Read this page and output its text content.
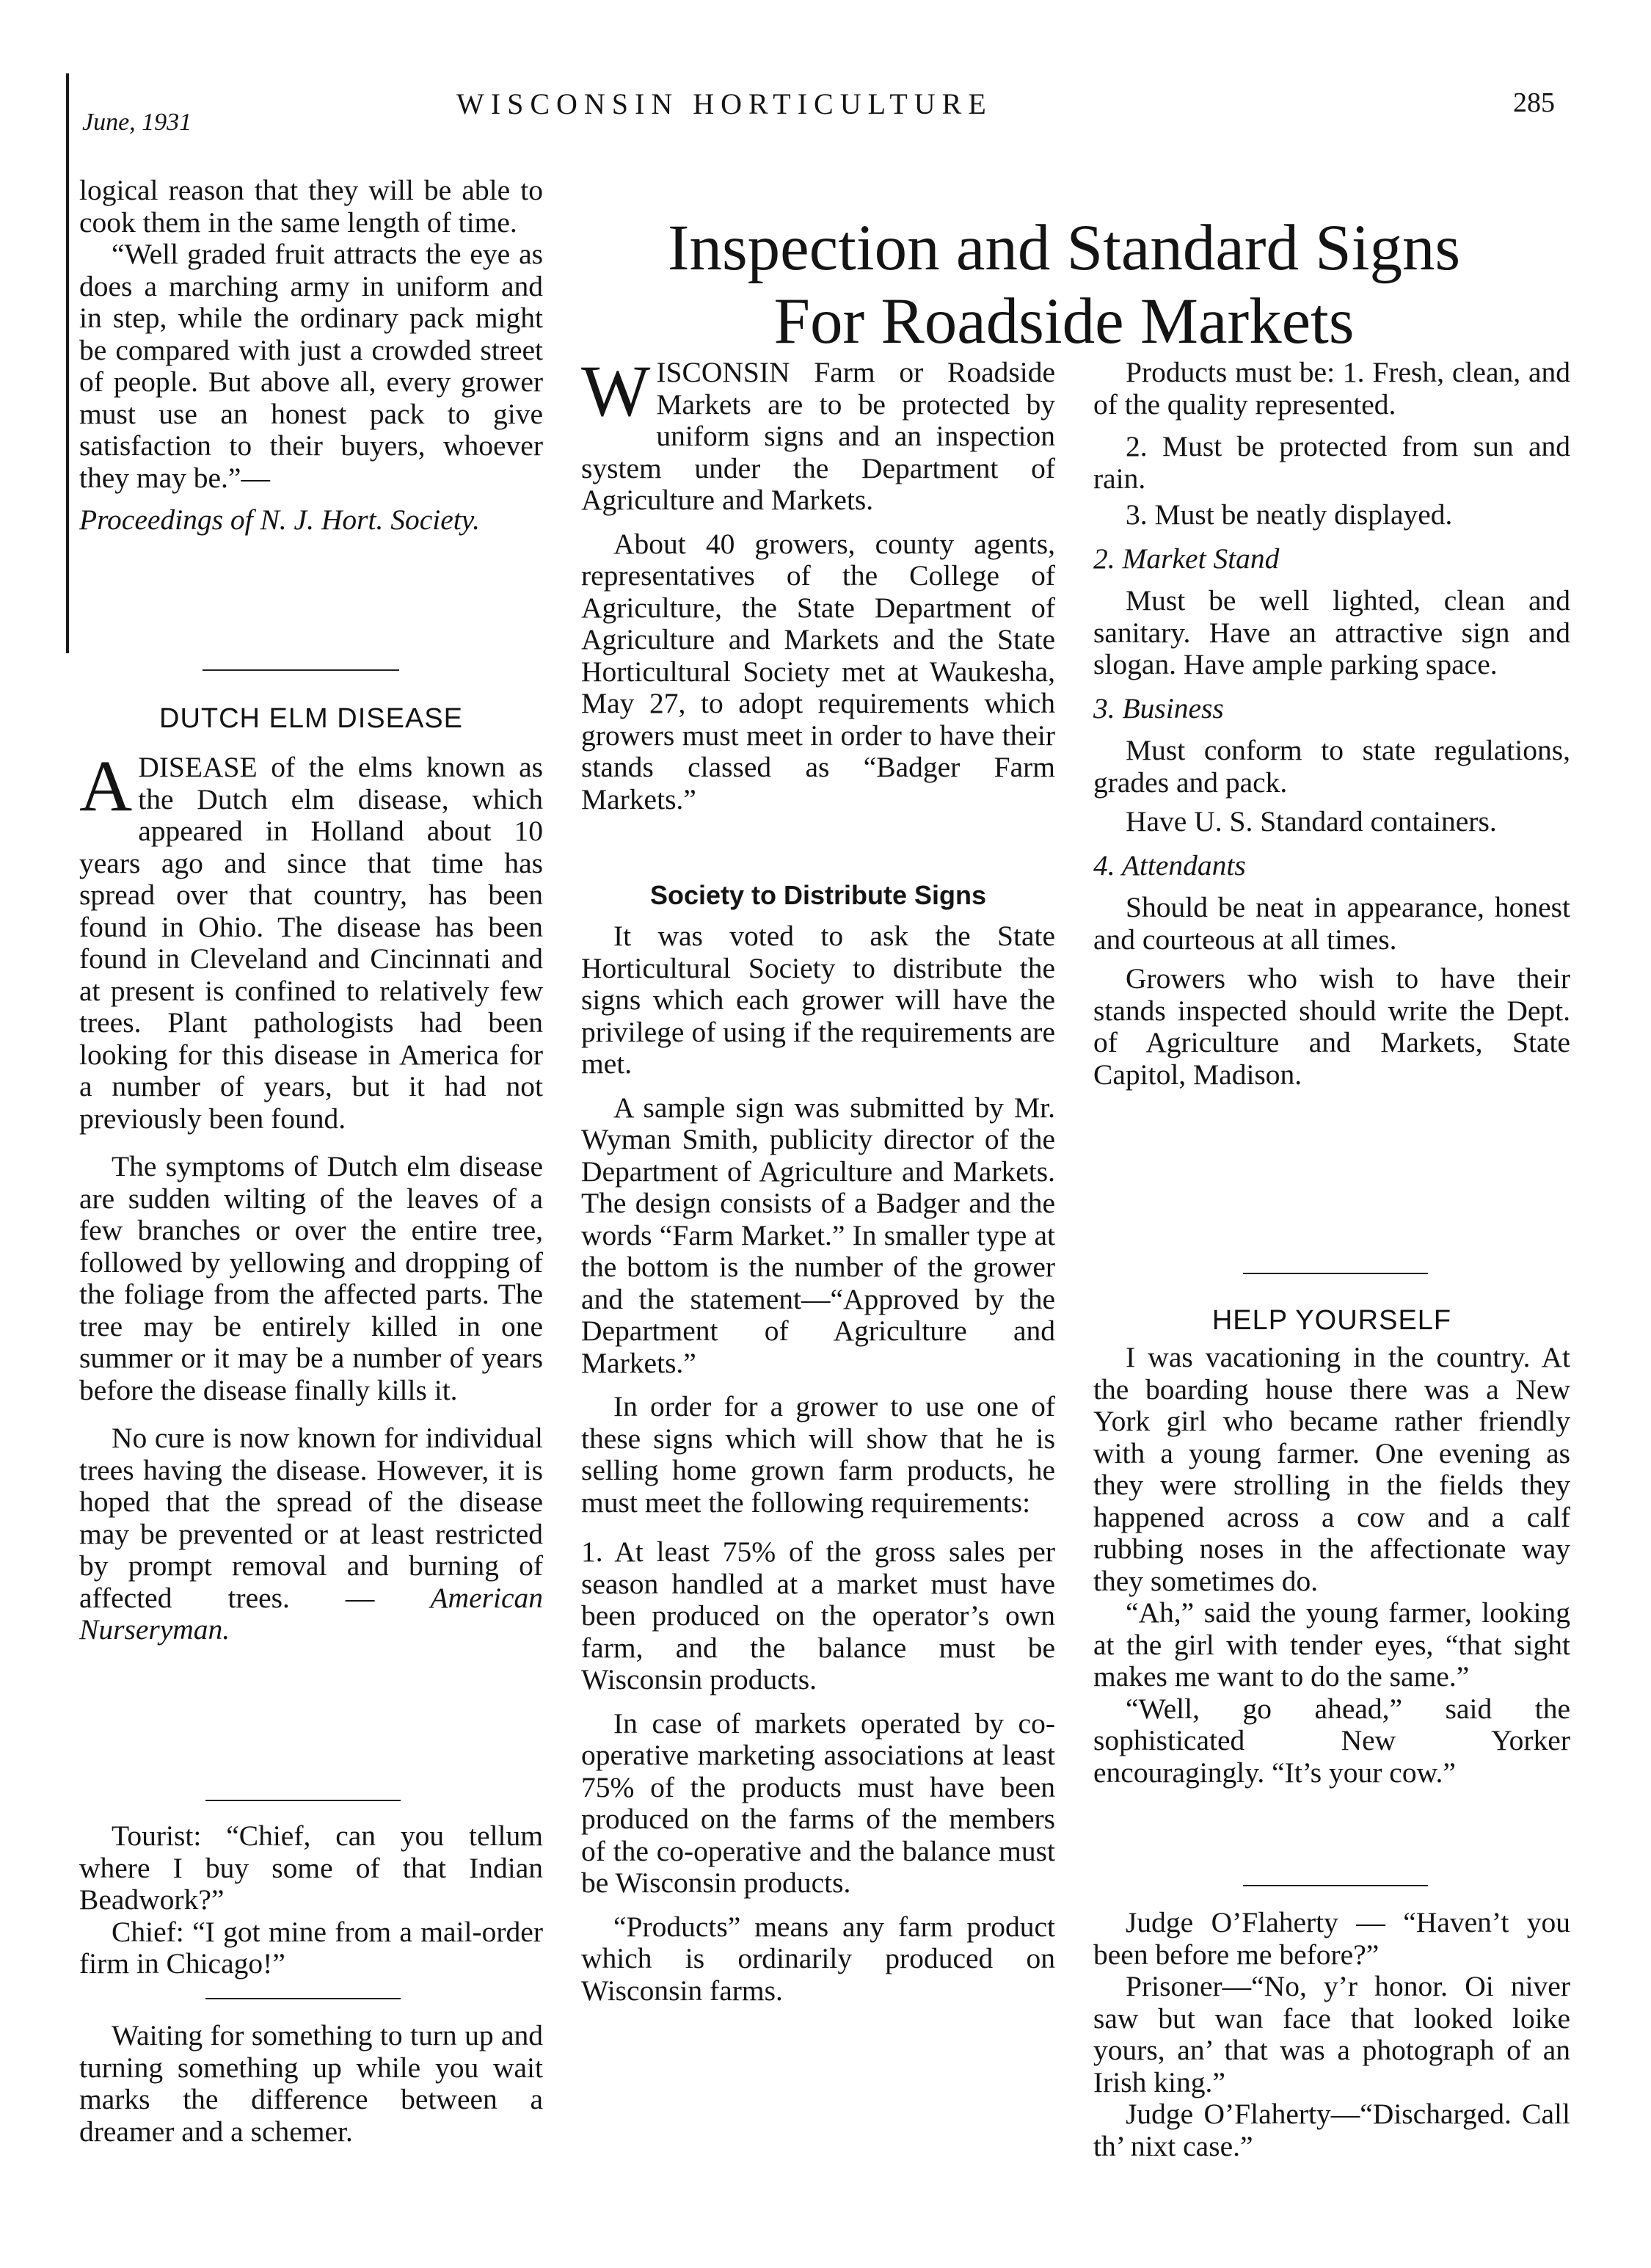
June, 1931
WISCONSIN HORTICULTURE	285
Inspection and Standard Signs
For Roadside Markets

logical reason that they will be able to cook them in the same length of time.

“Well graded fruit attracts the eye as does a marching army in uniform and in step, while the ordinary pack might be compared with just a crowded street of people. But above all, every grower must use an honest pack to give satisfaction to their buyers, whoever they may be.”—

Proceedings of N. J. Hort. Society.

DUTCH ELM DISEASE

ADISEASE of the elms known as the Dutch elm disease, which appeared in Holland about 10 years ago and since that time has spread over that country, has been found in Ohio. The disease has been found in Cleveland and Cincinnati and at present is confined to relatively few trees. Plant pathologists had been looking for this disease in America for a number of years, but it had not previously been found.

The symptoms of Dutch elm disease are sudden wilting of the leaves of a few branches or over the entire tree, followed by yellowing and dropping of the foliage from the affected parts. The tree may be entirely killed in one summer or it may be a number of years before the disease finally kills it.

No cure is now known for individual trees having the disease. However, it is hoped that the spread of the disease may be prevented or at least restricted by prompt removal and burning of affected trees. — American Nurseryman.

Tourist: “Chief, can you tellum where I buy some of that Indian Beadwork?”

Chief: “I got mine from a mail-order firm in Chicago!”

Waiting for something to turn up and turning something up while you wait marks the difference between a dreamer and a schemer.

WISCONSIN Farm or Roadside Markets are to be protected by uniform signs and an inspection system under the Department of Agriculture and Markets.

About 40 growers, county agents, representatives of the College of Agriculture, the State Department of Agriculture and Markets and the State Horticultural Society met at Waukesha, May 27, to adopt requirements which growers must meet in order to have their stands classed as “Badger Farm Markets.”

Society to Distribute Signs

It was voted to ask the State Horticultural Society to distribute the signs which each grower will have the privilege of using if the requirements are met.

A sample sign was submitted by Mr. Wyman Smith, publicity director of the Department of Agriculture and Markets. The design consists of a Badger and the words “Farm Market.” In smaller type at the bottom is the number of the grower and the statement—“Approved by the Department of Agriculture and Markets.”

In order for a grower to use one of these signs which will show that he is selling home grown farm products, he must meet the following requirements:

1. At least 75% of the gross sales per season handled at a market must have been produced on the operator’s own farm, and the balance must be Wisconsin products.

In case of markets operated by co-operative marketing associations at least 75% of the products must have been produced on the farms of the members of the co-operative and the balance must be Wisconsin products.

“Products” means any farm product which is ordinarily produced on Wisconsin farms.

Products must be: 1. Fresh, clean, and of the quality represented.

2. Must be protected from sun and rain.

3. Must be neatly displayed.

2. Market Stand

Must be well lighted, clean and sanitary. Have an attractive sign and slogan. Have ample parking space.

3. Business

Must conform to state regulations, grades and pack.

Have U. S. Standard containers.

4. Attendants

Should be neat in appearance, honest and courteous at all times.

Growers who wish to have their stands inspected should write the Dept. of Agriculture and Markets, State Capitol, Madison.

HELP YOURSELF

I was vacationing in the country. At the boarding house there was a New York girl who became rather friendly with a young farmer. One evening as they were strolling in the fields they happened across a cow and a calf rubbing noses in the affectionate way they sometimes do.

“Ah,” said the young farmer, looking at the girl with tender eyes, “that sight makes me want to do the same.”

“Well, go ahead,” said the sophisticated New Yorker encouragingly. “It’s your cow.”

Judge O’Flaherty — “Haven’t you been before me before?”

Prisoner—“No, y’r honor. Oi niver saw but wan face that looked loike yours, an’ that was a photograph of an Irish king.”

Judge O’Flaherty—“Discharged. Call th’ nixt case.”
